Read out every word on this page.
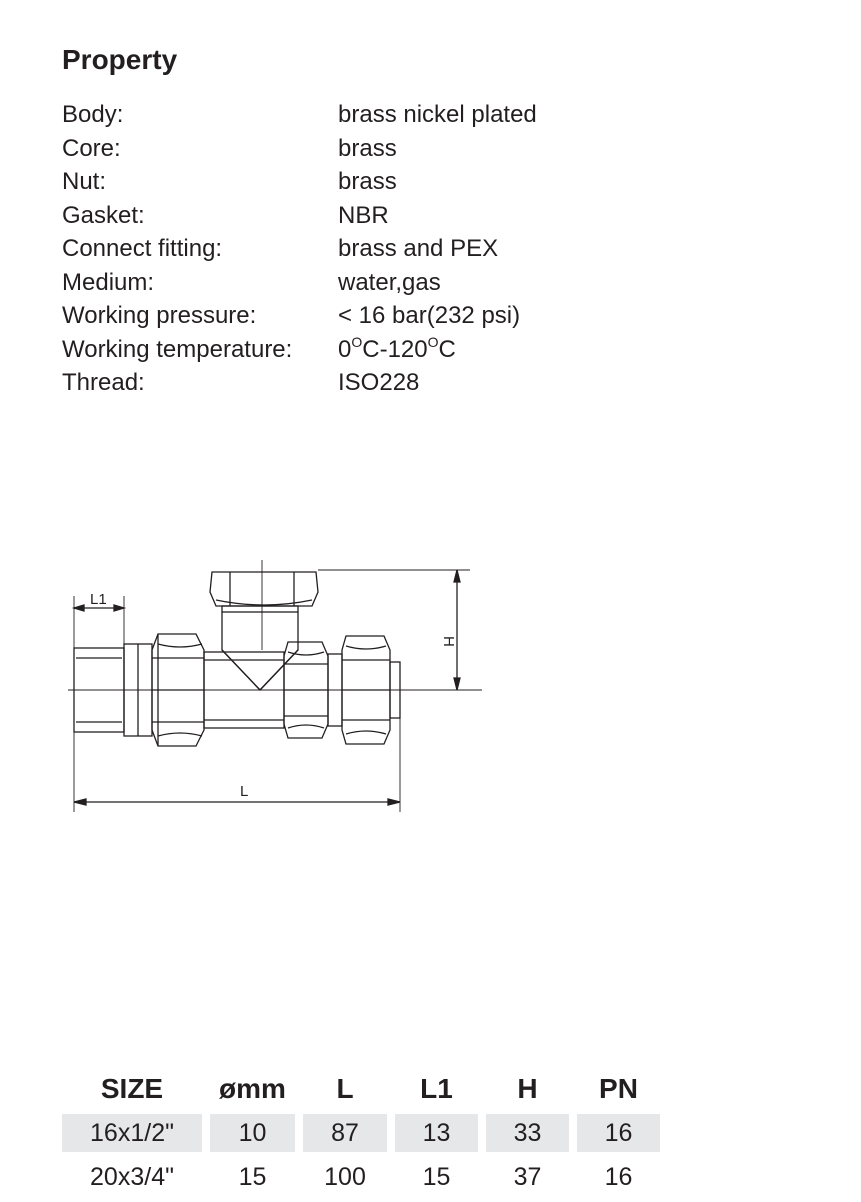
Property
Body:	brass nickel plated
Core:	brass
Nut:	brass
Gasket:	NBR
Connect fitting:	brass and PEX
Medium:	water,gas
Working pressure:	< 16 bar(232 psi)
Working temperature:	$0^OC-120^OC$
Thread:	ISO228
L1
L
H
SIZE	ømm	L	L1	H	PN
16x1/2"	10	87	13	33	16
20x3/4"	15	100	15	37	16
